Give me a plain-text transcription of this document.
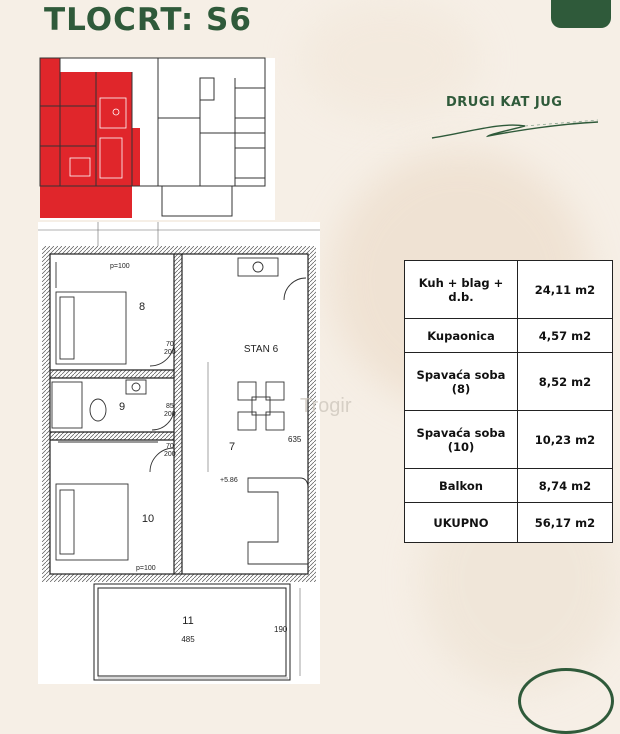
TLOCRT: S6
DRUGI KAT JUG
8
9
10
7
11
STAN 6
+5.86
p=100
p=100
485
190
635
70
200
85
200
70
200
Trogir
Kuh + blag + d.b.	24,11 m2
Kupaonica	4,57 m2
Spavaća soba (8)	8,52 m2
Spavaća soba (10)	10,23 m2
Balkon	8,74 m2
UKUPNO	56,17 m2
